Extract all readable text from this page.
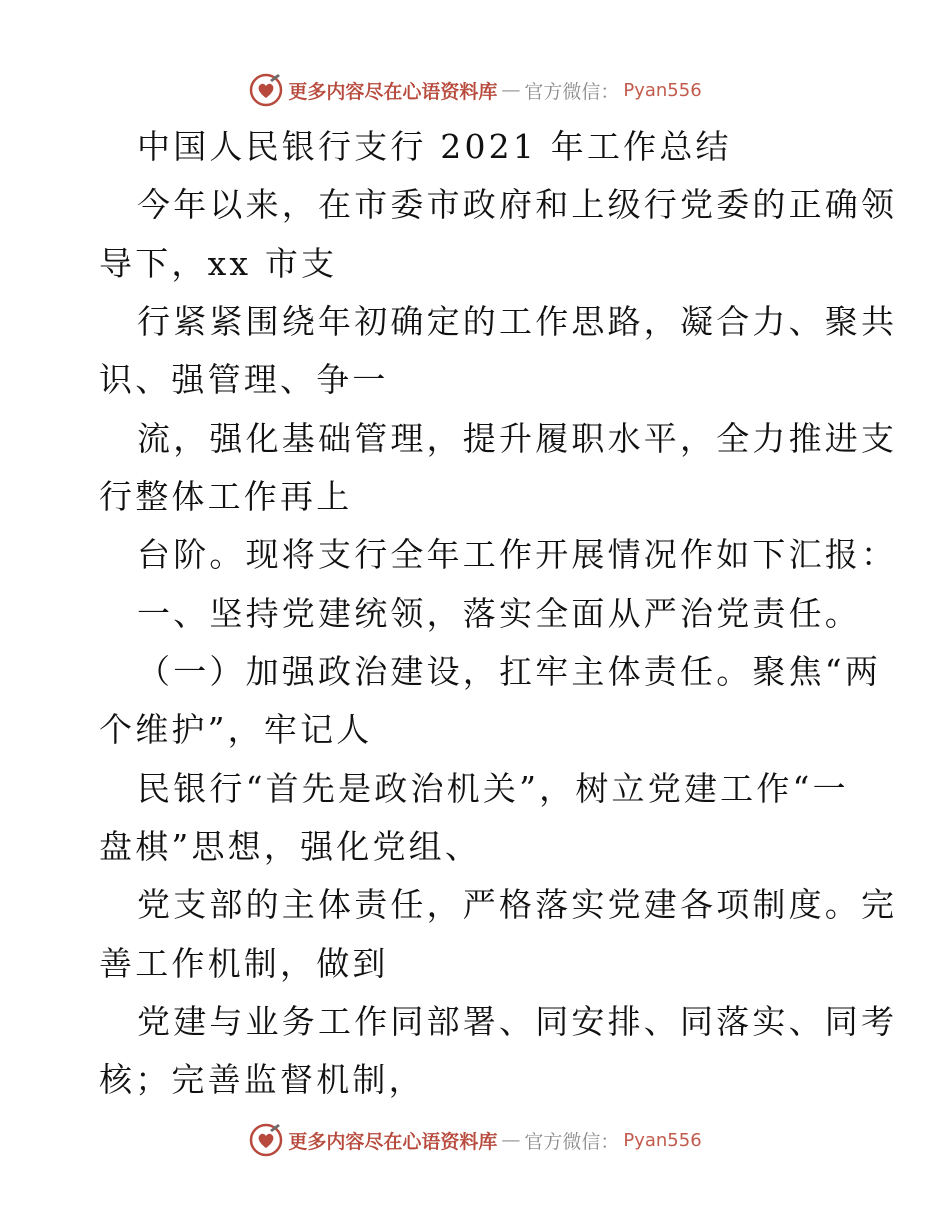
更多内容尽在心语资料库 — 官方微信： Pyan556
中国人民银行支行 2021 年工作总结
今年以来，在市委市政府和上级行党委的正确领
导下，xx 市支
行紧紧围绕年初确定的工作思路，凝合力、聚共
识、强管理、争一
流，强化基础管理，提升履职水平，全力推进支
行整体工作再上
台阶。现将支行全年工作开展情况作如下汇报：
一、坚持党建统领，落实全面从严治党责任。
（一）加强政治建设，扛牢主体责任。聚焦“两
个维护”，牢记人
民银行“首先是政治机关”，树立党建工作“一
盘棋”思想，强化党组、
党支部的主体责任，严格落实党建各项制度。完
善工作机制，做到
党建与业务工作同部署、同安排、同落实、同考
核；完善监督机制，
更多内容尽在心语资料库 — 官方微信： Pyan556
